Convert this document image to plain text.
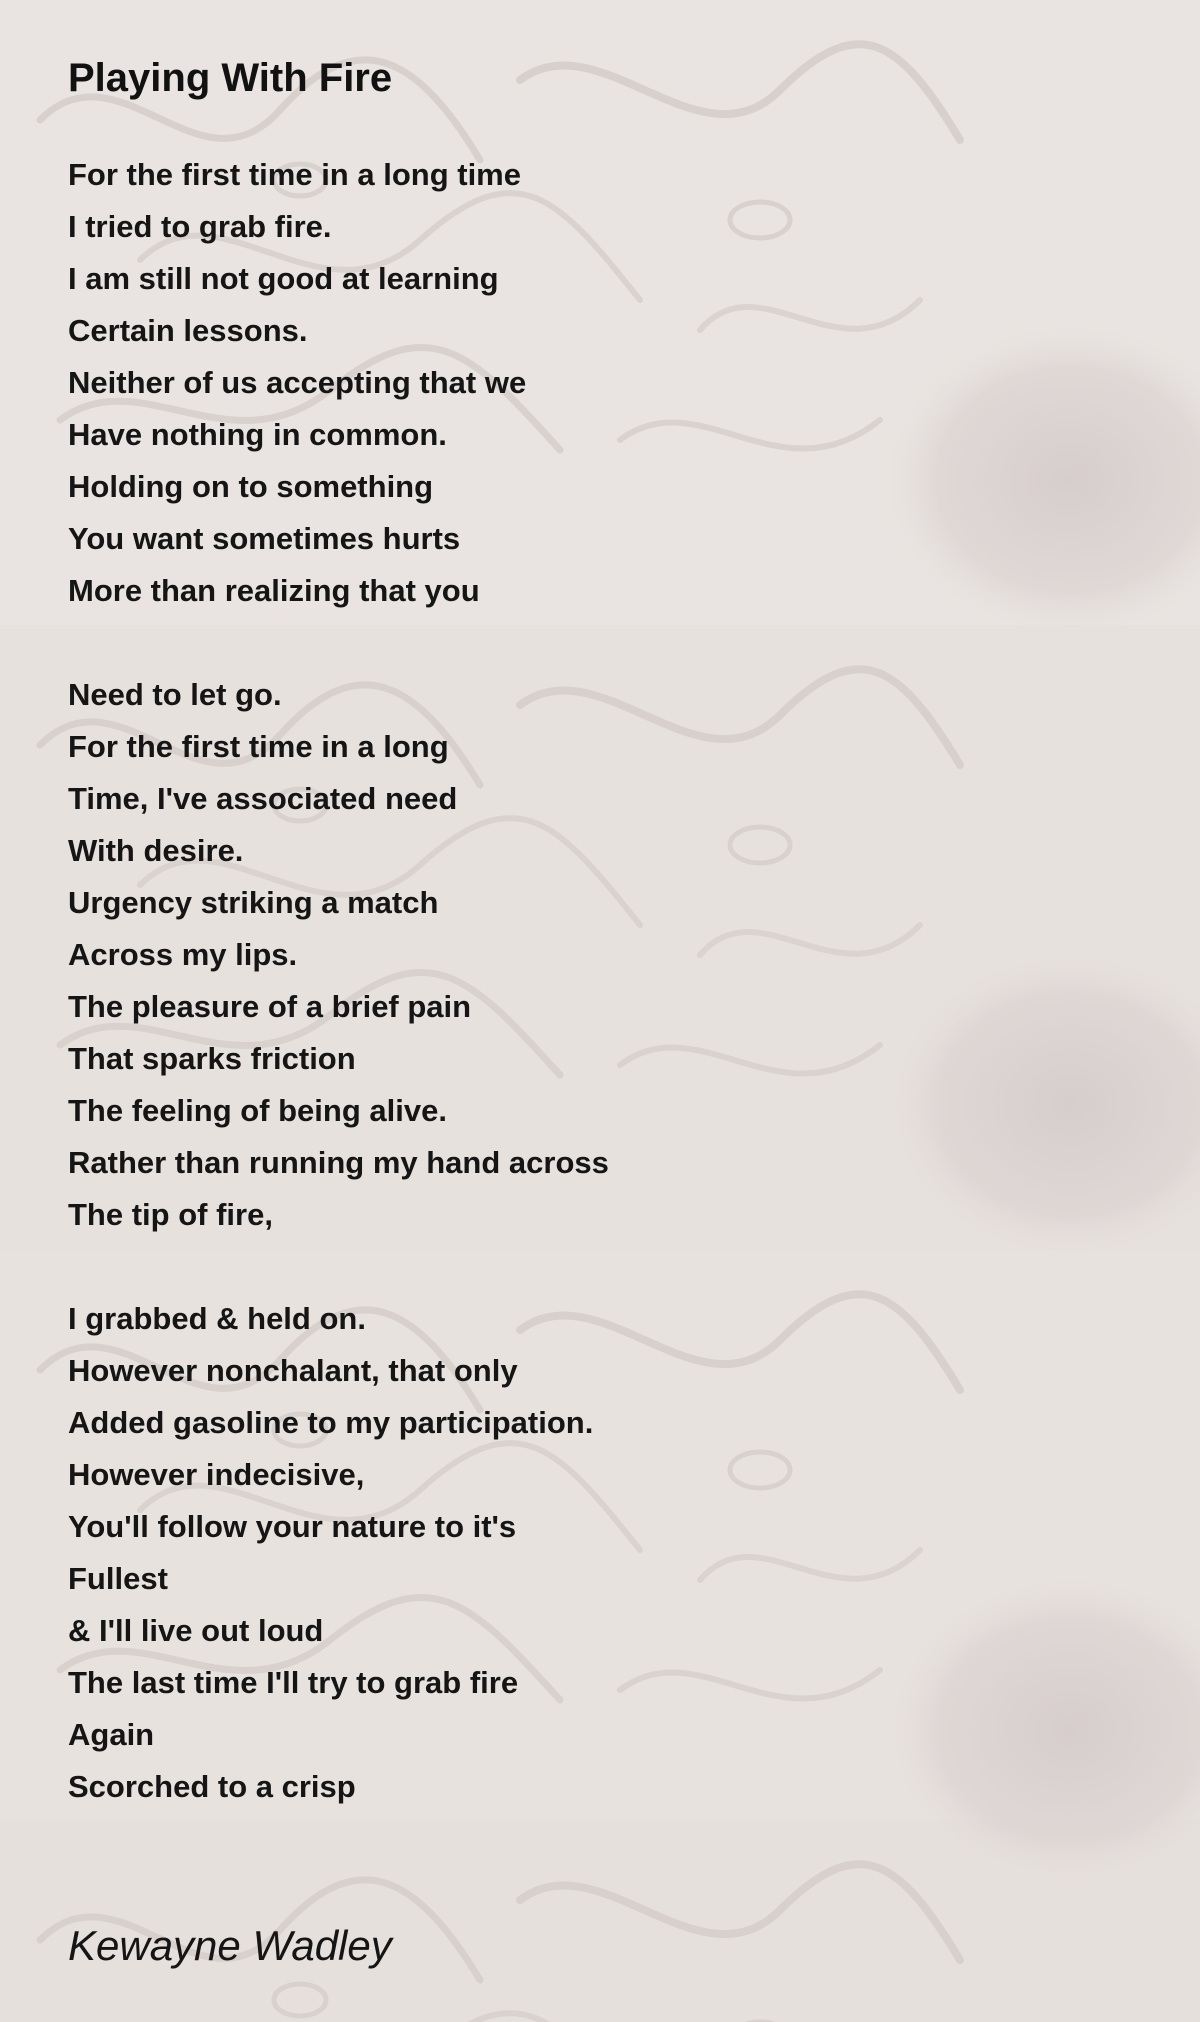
Playing With Fire
For the first time in a long time
I tried to grab fire.
I am still not good at learning
Certain lessons.
Neither of us accepting that we
Have nothing in common.
Holding on to something
You want sometimes hurts
More than realizing that you
Need to let go.
For the first time in a long
Time, I've associated need
With desire.
Urgency striking a match
Across my lips.
The pleasure of a brief pain
That sparks friction
The feeling of being alive.
Rather than running my hand across
The tip of fire,
I grabbed & held on.
However nonchalant, that only
Added gasoline to my participation.
However indecisive,
You'll follow your nature to it's
Fullest
& I'll live out loud
The last time I'll try to grab fire
Again
Scorched to a crisp
Kewayne Wadley
